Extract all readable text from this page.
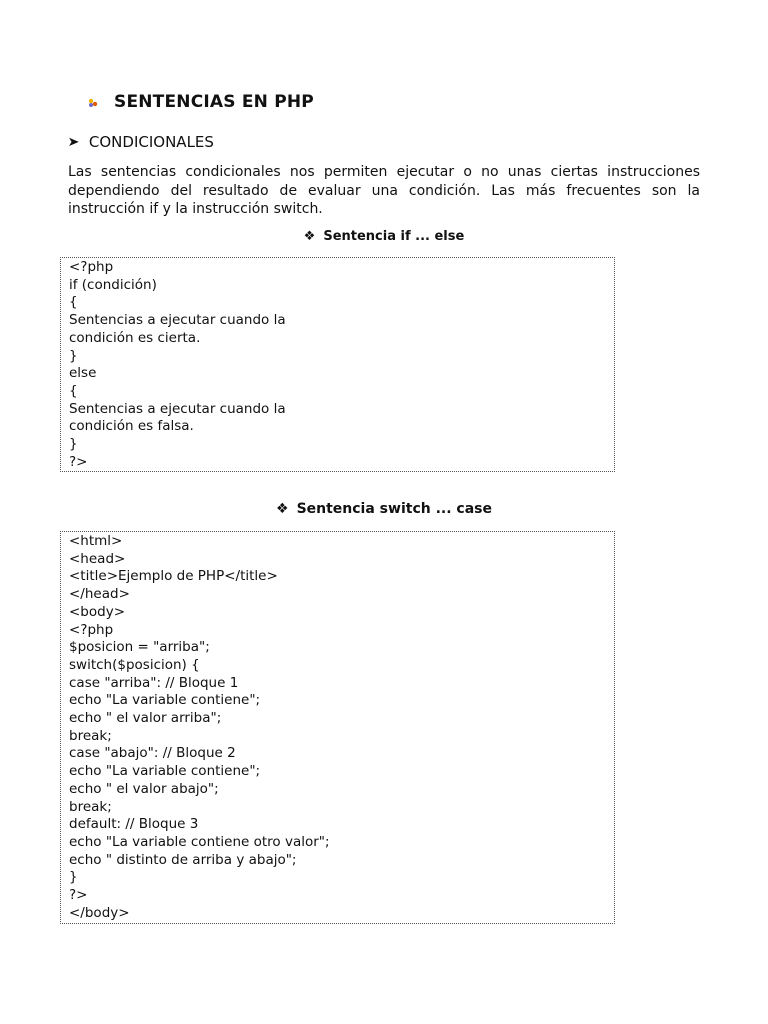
SENTENCIAS EN PHP
➤ CONDICIONALES

Las sentencias condicionales nos permiten ejecutar o no unas ciertas instrucciones dependiendo del resultado de evaluar una condición. Las más frecuentes son la instrucción if y la instrucción switch.

❖ Sentencia if ... else
<?php
if (condición)
{
Sentencias a ejecutar cuando la
condición es cierta.
}
else
{
Sentencias a ejecutar cuando la
condición es falsa.
}
?>
❖ Sentencia switch ... case
<html>
<head>
<title>Ejemplo de PHP</title>
</head>
<body>
<?php
$posicion = "arriba";
switch($posicion) {
case "arriba": // Bloque 1
echo "La variable contiene";
echo " el valor arriba";
break;
case "abajo": // Bloque 2
echo "La variable contiene";
echo " el valor abajo";
break;
default: // Bloque 3
echo "La variable contiene otro valor";
echo " distinto de arriba y abajo";
}
?>
</body>
